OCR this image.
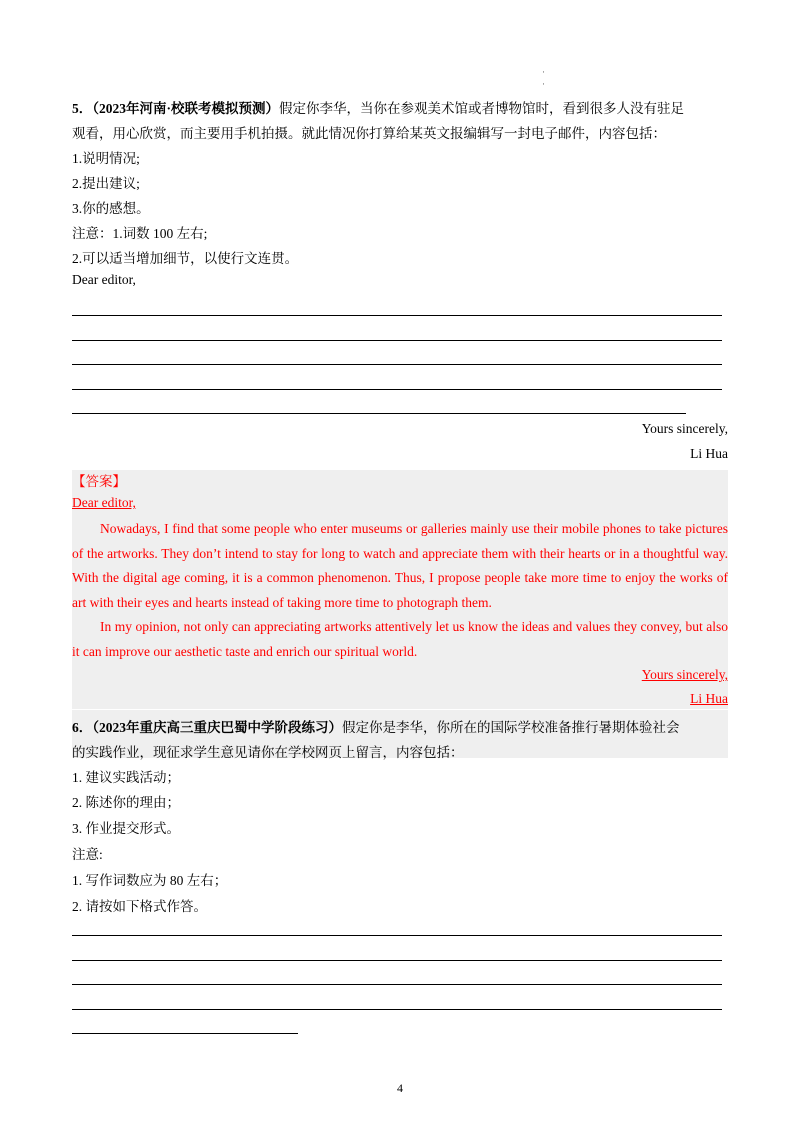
·
·
5．（2023年河南·校联考模拟预测）假定你李华，当你在参观美术馆或者博物馆时，看到很多人没有驻足
观看，用心欣赏，而主要用手机拍摄。就此情况你打算给某英文报编辑写一封电子邮件，内容包括：
1.说明情况;
2.提出建议;
3.你的感想。
注意：1.词数 100 左右;
2.可以适当增加细节，以使行文连贯。
Dear editor,
Yours sincerely,
Li Hua
【答案】
Dear editor,
Nowadays, I find that some people who enter museums or galleries mainly use their mobile phones to take pictures of the artworks. They don’t intend to stay for long to watch and appreciate them with their hearts or in a thoughtful way. With the digital age coming, it is a common phenomenon. Thus, I propose people take more time to enjoy the works of art with their eyes and hearts instead of taking more time to photograph them.
In my opinion, not only can appreciating artworks attentively let us know the ideas and values they convey, but also it can improve our aesthetic taste and enrich our spiritual world.
Yours sincerely,
Li Hua
6．（2023年重庆高三重庆巴蜀中学阶段练习）假定你是李华，你所在的国际学校准备推行暑期体验社会
的实践作业，现征求学生意见请你在学校网页上留言，内容包括：
1. 建议实践活动；
2. 陈述你的理由；
3. 作业提交形式。
注意:
1. 写作词数应为 80 左右；
2. 请按如下格式作答。
4
